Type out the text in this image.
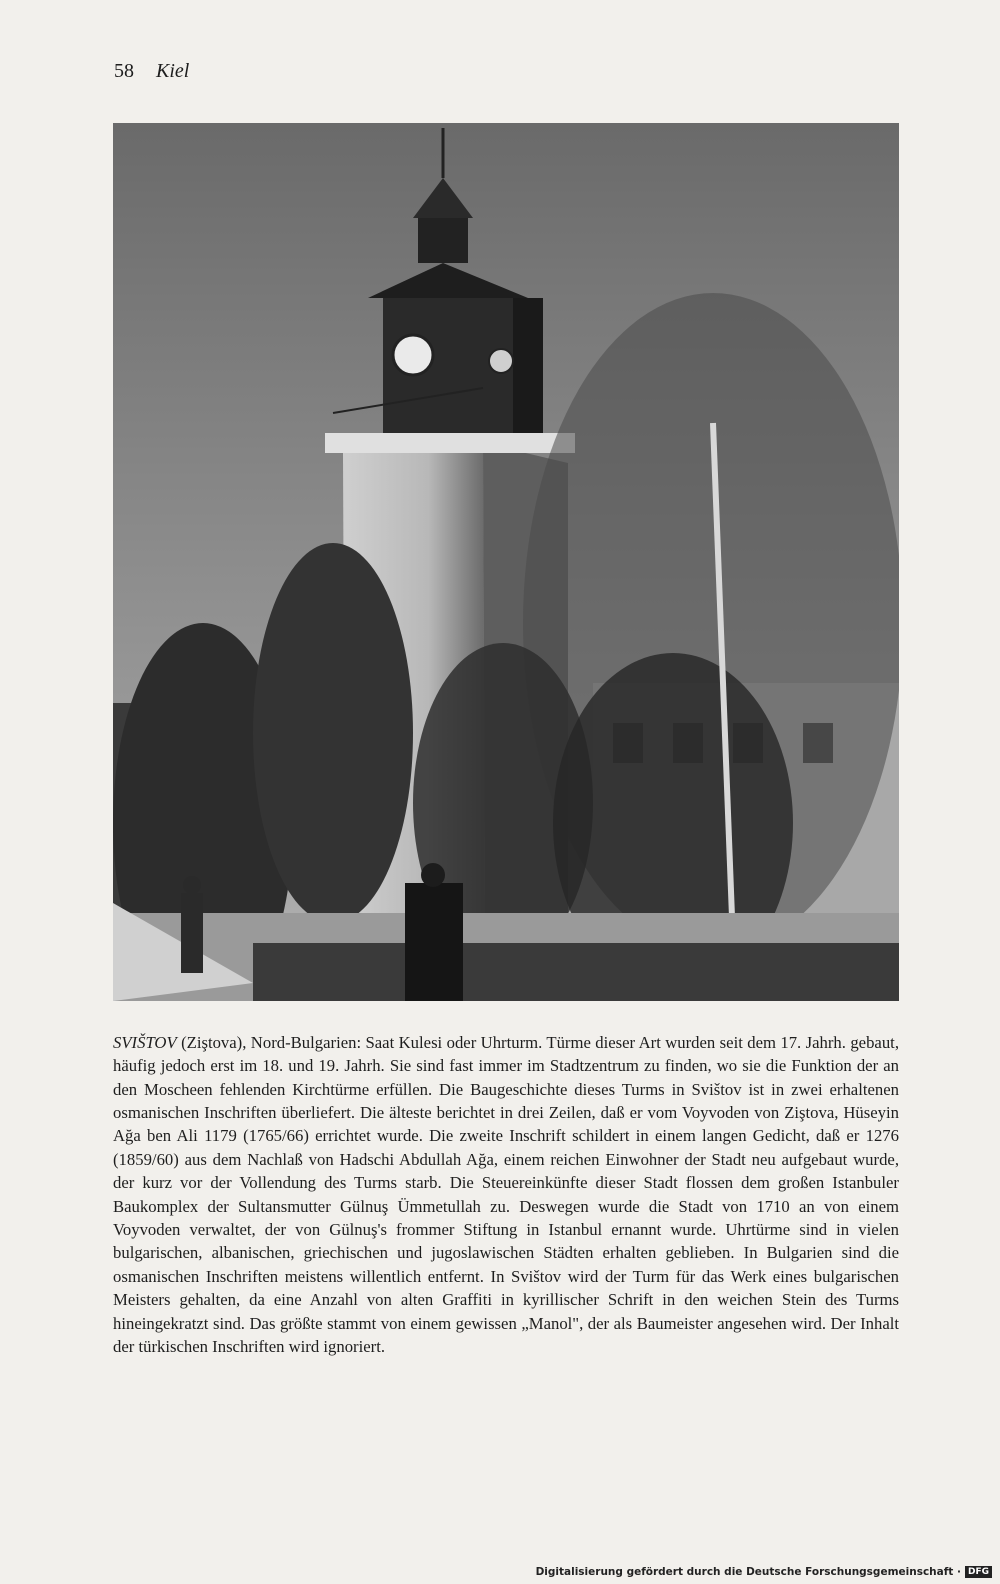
58 Kiel

SVIŠTOV (Ziştova), Nord-Bulgarien: Saat Kulesi oder Uhrturm. Türme dieser Art wurden seit dem 17. Jahrh. gebaut, häufig jedoch erst im 18. und 19. Jahrh. Sie sind fast immer im Stadtzentrum zu finden, wo sie die Funktion der an den Moscheen fehlenden Kirchtürme erfüllen. Die Baugeschichte dieses Turms in Svištov ist in zwei erhaltenen osmanischen Inschriften überliefert. Die älteste berichtet in drei Zeilen, daß er vom Voyvoden von Ziştova, Hüseyin Ağa ben Ali 1179 (1765/66) errichtet wurde. Die zweite Inschrift schildert in einem langen Gedicht, daß er 1276 (1859/60) aus dem Nachlaß von Hadschi Abdullah Ağa, einem reichen Einwohner der Stadt neu aufgebaut wurde, der kurz vor der Vollendung des Turms starb. Die Steuereinkünfte dieser Stadt flossen dem großen Istanbuler Baukomplex der Sultansmutter Gülnuş Ümmetullah zu. Deswegen wurde die Stadt von 1710 an von einem Voyvoden verwaltet, der von Gülnuş's frommer Stiftung in Istanbul ernannt wurde. Uhrtürme sind in vielen bulgarischen, albanischen, griechischen und jugoslawischen Städten erhalten geblieben. In Bulgarien sind die osmanischen Inschriften meistens willentlich entfernt. In Svištov wird der Turm für das Werk eines bulgarischen Meisters gehalten, da eine Anzahl von alten Graffiti in kyrillischer Schrift in den weichen Stein des Turms hineingekratzt sind. Das größte stammt von einem gewissen „Manol", der als Baumeister angesehen wird. Der Inhalt der türkischen Inschriften wird ignoriert.

Digitalisierung gefördert durch die Deutsche Forschungsgemeinschaft · DFG
